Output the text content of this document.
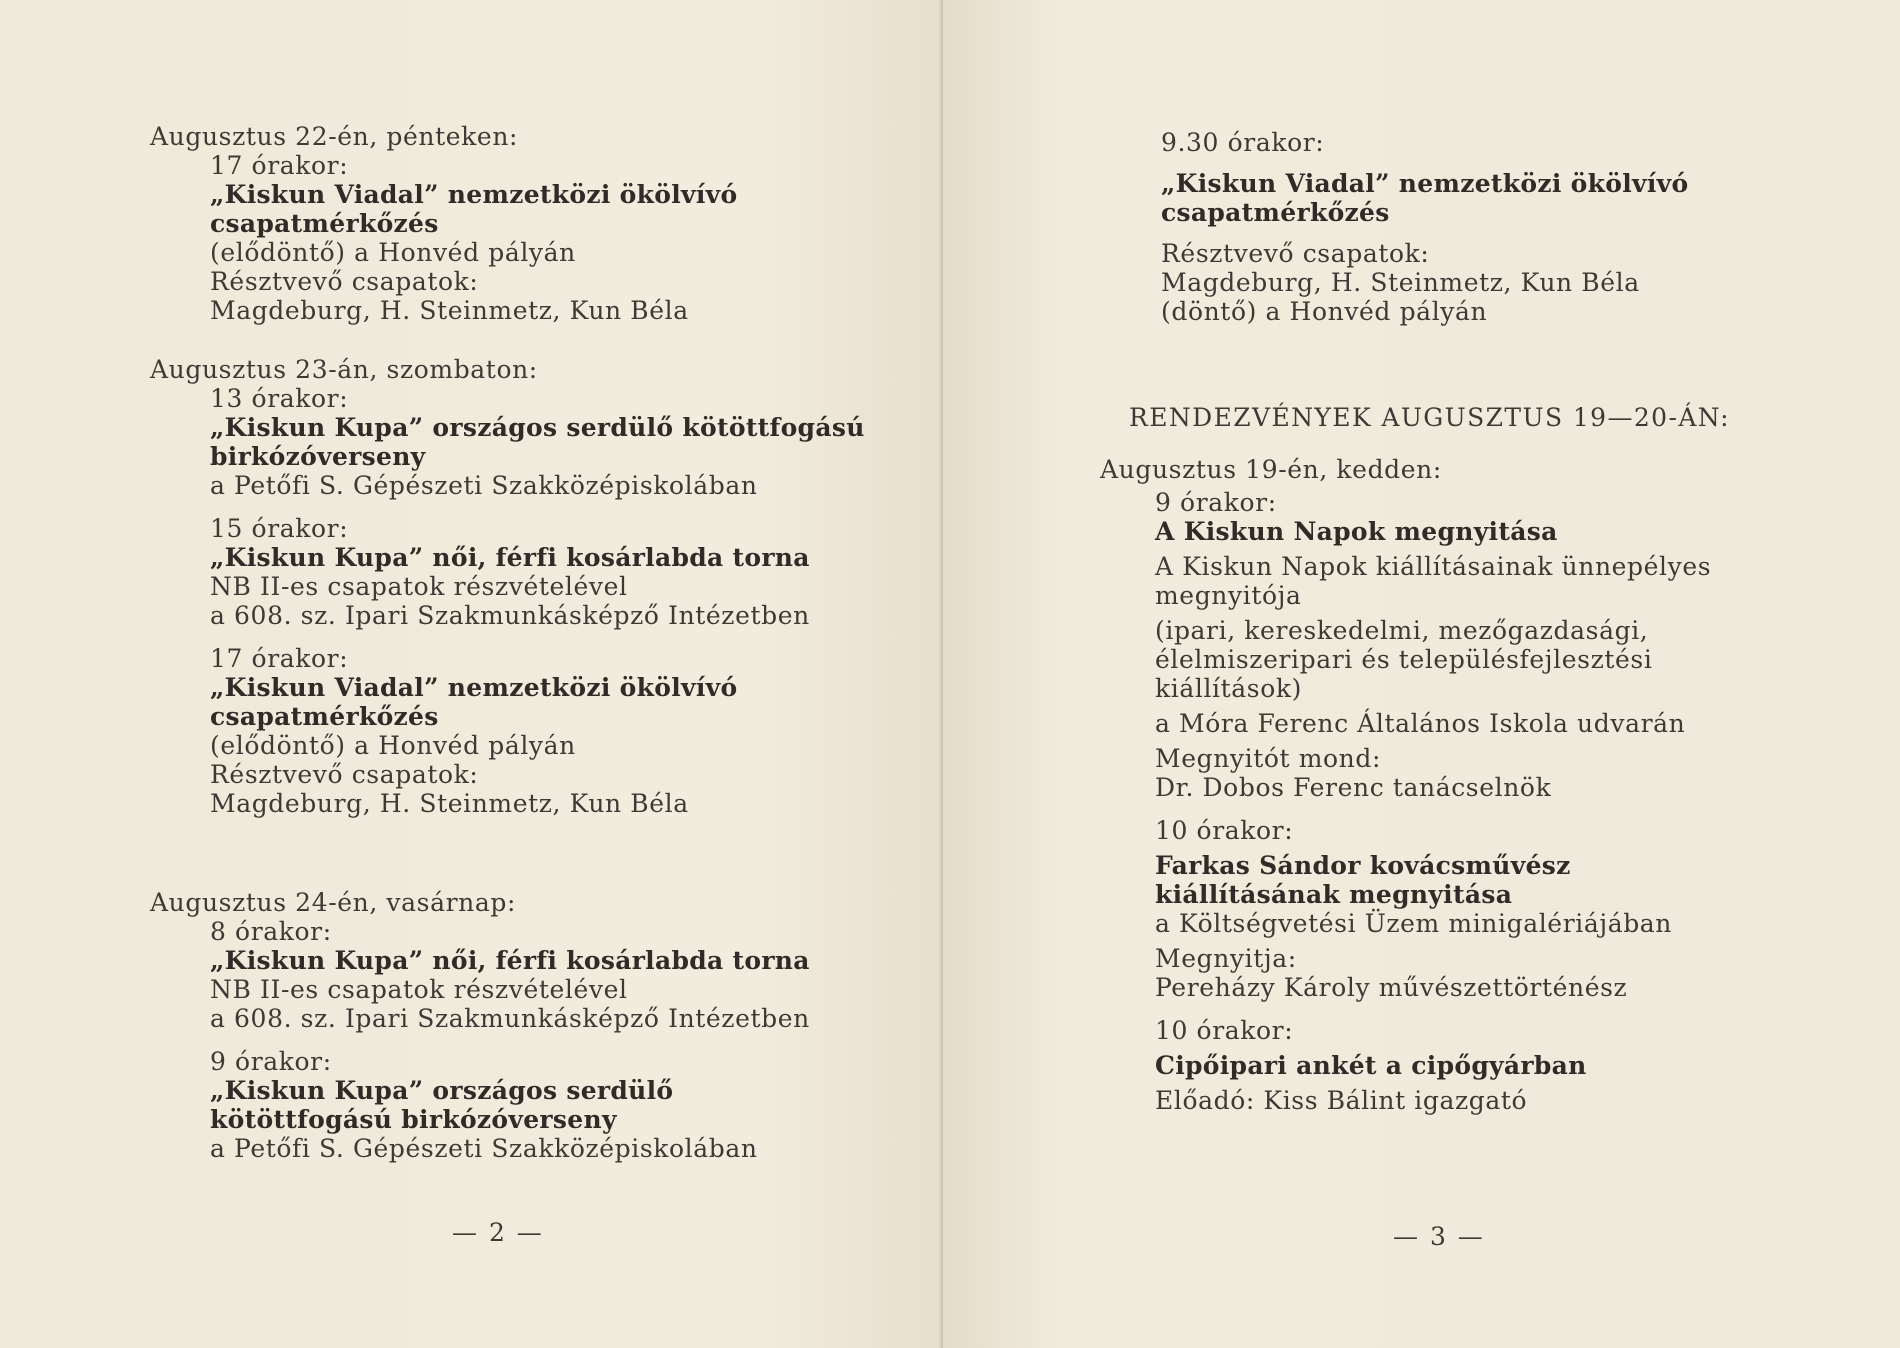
Augusztus 22-én, pénteken:
17 órakor:
„Kiskun Viadal” nemzetközi ökölvívó
csapatmérkőzés
(elődöntő) a Honvéd pályán
Résztvevő csapatok:
Magdeburg, H. Steinmetz, Kun Béla
Augusztus 23-án, szombaton:
13 órakor:
„Kiskun Kupa” országos serdülő kötöttfogású
birkózóverseny
a Petőfi S. Gépészeti Szakközépiskolában
15 órakor:
„Kiskun Kupa” női, férfi kosárlabda torna
NB II-es csapatok részvételével
a 608. sz. Ipari Szakmunkásképző Intézetben
17 órakor:
„Kiskun Viadal” nemzetközi ökölvívó
csapatmérkőzés
(elődöntő) a Honvéd pályán
Résztvevő csapatok:
Magdeburg, H. Steinmetz, Kun Béla
Augusztus 24-én, vasárnap:
8 órakor:
„Kiskun Kupa” női, férfi kosárlabda torna
NB II-es csapatok részvételével
a 608. sz. Ipari Szakmunkásképző Intézetben
9 órakor:
„Kiskun Kupa” országos serdülő
kötöttfogású birkózóverseny
a Petőfi S. Gépészeti Szakközépiskolában
— 2 —
9.30 órakor:
„Kiskun Viadal” nemzetközi ökölvívó
csapatmérkőzés
Résztvevő csapatok:
Magdeburg, H. Steinmetz, Kun Béla
(döntő) a Honvéd pályán
RENDEZVÉNYEK AUGUSZTUS 19—20-ÁN:
Augusztus 19-én, kedden:
9 órakor:
A Kiskun Napok megnyitása
A Kiskun Napok kiállításainak ünnepélyes
megnyitója
(ipari, kereskedelmi, mezőgazdasági,
élelmiszeripari és településfejlesztési
kiállítások)
a Móra Ferenc Általános Iskola udvarán
Megnyitót mond:
Dr. Dobos Ferenc tanácselnök
10 órakor:
Farkas Sándor kovácsművész
kiállításának megnyitása
a Költségvetési Üzem minigalériájában
Megnyitja:
Pereházy Károly művészettörténész
10 órakor:
Cipőipari ankét a cipőgyárban
Előadó: Kiss Bálint igazgató
— 3 —
